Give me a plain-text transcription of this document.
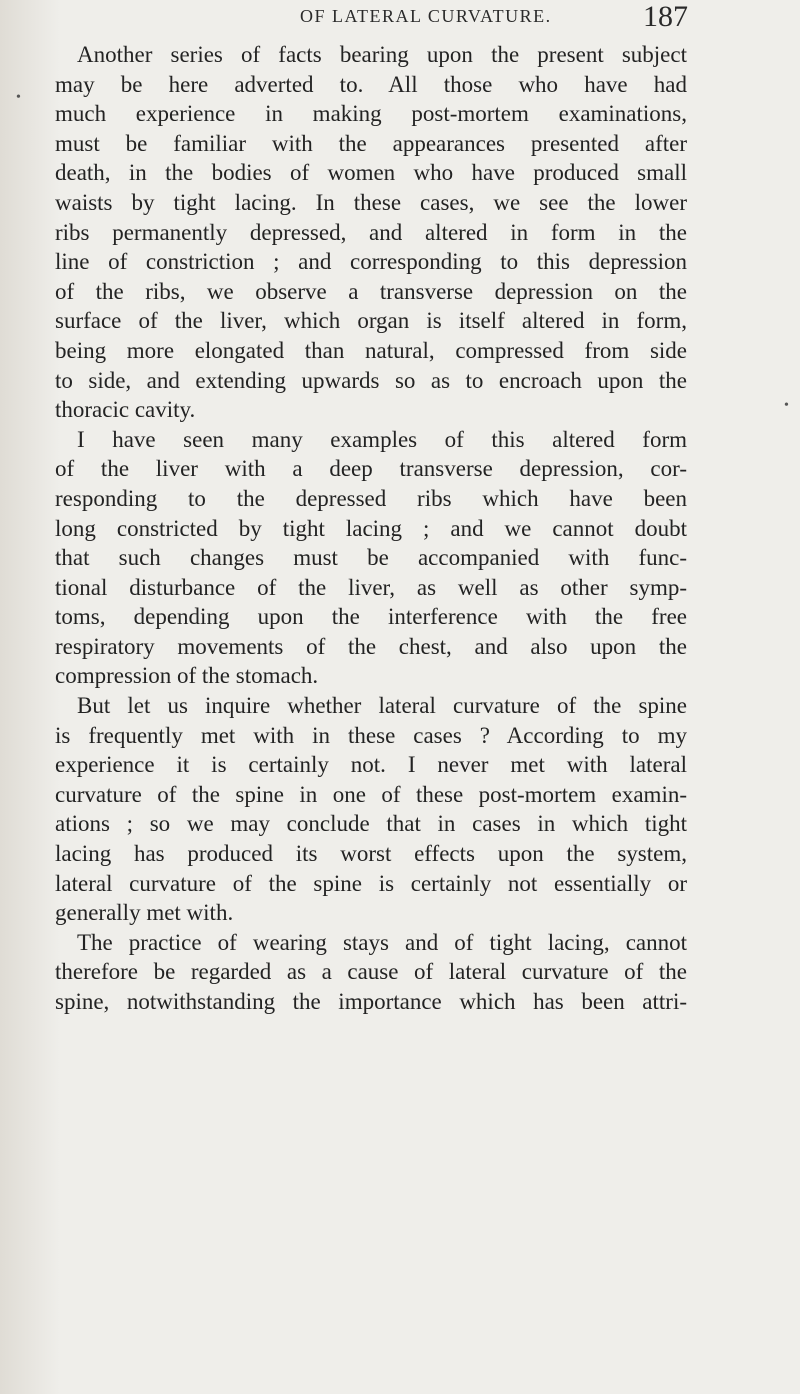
OF LATERAL CURVATURE.	187
Another series of facts bearing upon the present subject
may be here adverted to. All those who have had
much experience in making post-mortem examinations,
must be familiar with the appearances presented after
death, in the bodies of women who have produced small
waists by tight lacing. In these cases, we see the lower
ribs permanently depressed, and altered in form in the
line of constriction ; and corresponding to this depression
of the ribs, we observe a transverse depression on the
surface of the liver, which organ is itself altered in form,
being more elongated than natural, compressed from side
to side, and extending upwards so as to encroach upon the
thoracic cavity.
I have seen many examples of this altered form
of the liver with a deep transverse depression, cor-
responding to the depressed ribs which have been
long constricted by tight lacing ; and we cannot doubt
that such changes must be accompanied with func-
tional disturbance of the liver, as well as other symp-
toms, depending upon the interference with the free
respiratory movements of the chest, and also upon the
compression of the stomach.
But let us inquire whether lateral curvature of the spine
is frequently met with in these cases ? According to my
experience it is certainly not. I never met with lateral
curvature of the spine in one of these post-mortem examin-
ations ; so we may conclude that in cases in which tight
lacing has produced its worst effects upon the system,
lateral curvature of the spine is certainly not essentially or
generally met with.
The practice of wearing stays and of tight lacing, cannot
therefore be regarded as a cause of lateral curvature of the
spine, notwithstanding the importance which has been attri-
•
•
